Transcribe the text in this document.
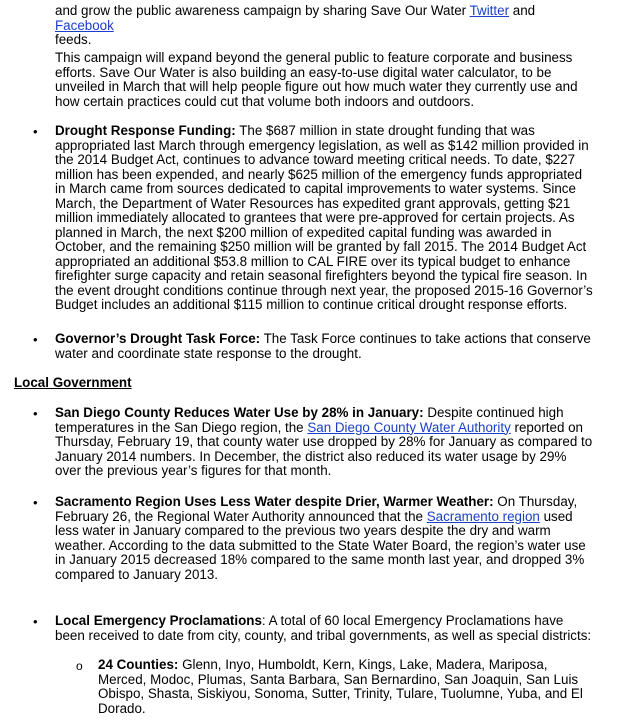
and grow the public awareness campaign by sharing Save Our Water Twitter and Facebook
feeds.

This campaign will expand beyond the general public to feature corporate and business efforts. Save Our Water is also building an easy-to-use digital water calculator, to be unveiled in March that will help people figure out how much water they currently use and how certain practices could cut that volume both indoors and outdoors.

• Drought Response Funding: The $687 million in state drought funding that was appropriated last March through emergency legislation, as well as $142 million provided in the 2014 Budget Act, continues to advance toward meeting critical needs. To date, $227 million has been expended, and nearly $625 million of the emergency funds appropriated in March came from sources dedicated to capital improvements to water systems. Since March, the Department of Water Resources has expedited grant approvals, getting $21 million immediately allocated to grantees that were pre-approved for certain projects. As planned in March, the next $200 million of expedited capital funding was awarded in October, and the remaining $250 million will be granted by fall 2015. The 2014 Budget Act appropriated an additional $53.8 million to CAL FIRE over its typical budget to enhance firefighter surge capacity and retain seasonal firefighters beyond the typical fire season. In the event drought conditions continue through next year, the proposed 2015-16 Governor’s Budget includes an additional $115 million to continue critical drought response efforts.

• Governor’s Drought Task Force: The Task Force continues to take actions that conserve water and coordinate state response to the drought.

Local Government

• San Diego County Reduces Water Use by 28% in January: Despite continued high temperatures in the San Diego region, the San Diego County Water Authority reported on Thursday, February 19, that county water use dropped by 28% for January as compared to January 2014 numbers. In December, the district also reduced its water usage by 29% over the previous year’s figures for that month.

• Sacramento Region Uses Less Water despite Drier, Warmer Weather: On Thursday, February 26, the Regional Water Authority announced that the Sacramento region used less water in January compared to the previous two years despite the dry and warm weather. According to the data submitted to the State Water Board, the region’s water use in January 2015 decreased 18% compared to the same month last year, and dropped 3% compared to January 2013.

• Local Emergency Proclamations: A total of 60 local Emergency Proclamations have been received to date from city, county, and tribal governments, as well as special districts:

o 24 Counties: Glenn, Inyo, Humboldt, Kern, Kings, Lake, Madera, Mariposa, Merced, Modoc, Plumas, Santa Barbara, San Bernardino, San Joaquin, San Luis Obispo, Shasta, Siskiyou, Sonoma, Sutter, Trinity, Tulare, Tuolumne, Yuba, and El Dorado.
